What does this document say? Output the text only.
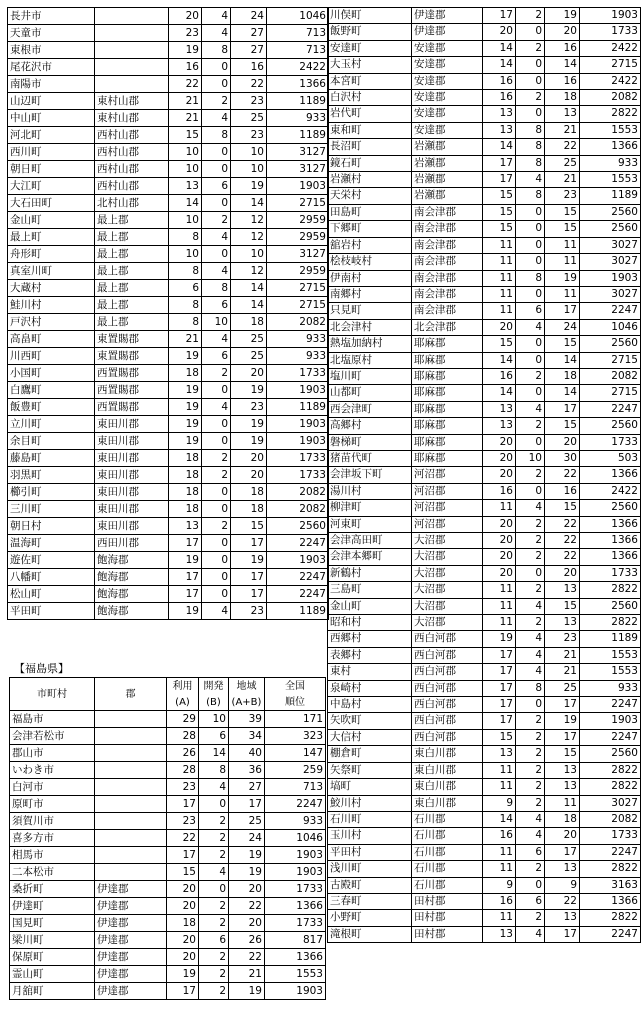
長井市		20	4	24	1046
天童市		23	4	27	713
東根市		19	8	27	713
尾花沢市		16	0	16	2422
南陽市		22	0	22	1366
山辺町	東村山郡	21	2	23	1189
中山町	東村山郡	21	4	25	933
河北町	西村山郡	15	8	23	1189
西川町	西村山郡	10	0	10	3127
朝日町	西村山郡	10	0	10	3127
大江町	西村山郡	13	6	19	1903
大石田町	北村山郡	14	0	14	2715
金山町	最上郡	10	2	12	2959
最上町	最上郡	8	4	12	2959
舟形町	最上郡	10	0	10	3127
真室川町	最上郡	8	4	12	2959
大蔵村	最上郡	6	8	14	2715
鮭川村	最上郡	8	6	14	2715
戸沢村	最上郡	8	10	18	2082
高畠町	東置賜郡	21	4	25	933
川西町	東置賜郡	19	6	25	933
小国町	西置賜郡	18	2	20	1733
白鷹町	西置賜郡	19	0	19	1903
飯豊町	西置賜郡	19	4	23	1189
立川町	東田川郡	19	0	19	1903
余目町	東田川郡	19	0	19	1903
藤島町	東田川郡	18	2	20	1733
羽黒町	東田川郡	18	2	20	1733
櫛引町	東田川郡	18	0	18	2082
三川町	東田川郡	18	0	18	2082
朝日村	東田川郡	13	2	15	2560
温海町	西田川郡	17	0	17	2247
遊佐町	飽海郡	19	0	19	1903
八幡町	飽海郡	17	0	17	2247
松山町	飽海郡	17	0	17	2247
平田町	飽海郡	19	4	23	1189
【福島県】
市町村	郡	利用	開発	地域	全国
		(A)	(B)	(A+B)	順位
福島市		29	10	39	171
会津若松市		28	6	34	323
郡山市		26	14	40	147
いわき市		28	8	36	259
白河市		23	4	27	713
原町市		17	0	17	2247
須賀川市		23	2	25	933
喜多方市		22	2	24	1046
相馬市		17	2	19	1903
二本松市		15	4	19	1903
桑折町	伊達郡	20	0	20	1733
伊達町	伊達郡	20	2	22	1366
国見町	伊達郡	18	2	20	1733
梁川町	伊達郡	20	6	26	817
保原町	伊達郡	20	2	22	1366
霊山町	伊達郡	19	2	21	1553
月舘町	伊達郡	17	2	19	1903
川俣町	伊達郡	17	2	19	1903
飯野町	伊達郡	20	0	20	1733
安達町	安達郡	14	2	16	2422
大玉村	安達郡	14	0	14	2715
本宮町	安達郡	16	0	16	2422
白沢村	安達郡	16	2	18	2082
岩代町	安達郡	13	0	13	2822
東和町	安達郡	13	8	21	1553
長沼町	岩瀬郡	14	8	22	1366
鏡石町	岩瀬郡	17	8	25	933
岩瀬村	岩瀬郡	17	4	21	1553
天栄村	岩瀬郡	15	8	23	1189
田島町	南会津郡	15	0	15	2560
下郷町	南会津郡	15	0	15	2560
舘岩村	南会津郡	11	0	11	3027
桧枝岐村	南会津郡	11	0	11	3027
伊南村	南会津郡	11	8	19	1903
南郷村	南会津郡	11	0	11	3027
只見町	南会津郡	11	6	17	2247
北会津村	北会津郡	20	4	24	1046
熱塩加納村	耶麻郡	15	0	15	2560
北塩原村	耶麻郡	14	0	14	2715
塩川町	耶麻郡	16	2	18	2082
山都町	耶麻郡	14	0	14	2715
西会津町	耶麻郡	13	4	17	2247
高郷村	耶麻郡	13	2	15	2560
磐梯町	耶麻郡	20	0	20	1733
猪苗代町	耶麻郡	20	10	30	503
会津坂下町	河沼郡	20	2	22	1366
湯川村	河沼郡	16	0	16	2422
柳津町	河沼郡	11	4	15	2560
河東町	河沼郡	20	2	22	1366
会津高田町	大沼郡	20	2	22	1366
会津本郷町	大沼郡	20	2	22	1366
新鶴村	大沼郡	20	0	20	1733
三島町	大沼郡	11	2	13	2822
金山町	大沼郡	11	4	15	2560
昭和村	大沼郡	11	2	13	2822
西郷村	西白河郡	19	4	23	1189
表郷村	西白河郡	17	4	21	1553
東村	西白河郡	17	4	21	1553
泉崎村	西白河郡	17	8	25	933
中島村	西白河郡	17	0	17	2247
矢吹町	西白河郡	17	2	19	1903
大信村	西白河郡	15	2	17	2247
棚倉町	東白川郡	13	2	15	2560
矢祭町	東白川郡	11	2	13	2822
塙町	東白川郡	11	2	13	2822
鮫川村	東白川郡	9	2	11	3027
石川町	石川郡	14	4	18	2082
玉川村	石川郡	16	4	20	1733
平田村	石川郡	11	6	17	2247
浅川町	石川郡	11	2	13	2822
古殿町	石川郡	9	0	9	3163
三春町	田村郡	16	6	22	1366
小野町	田村郡	11	2	13	2822
滝根町	田村郡	13	4	17	2247
